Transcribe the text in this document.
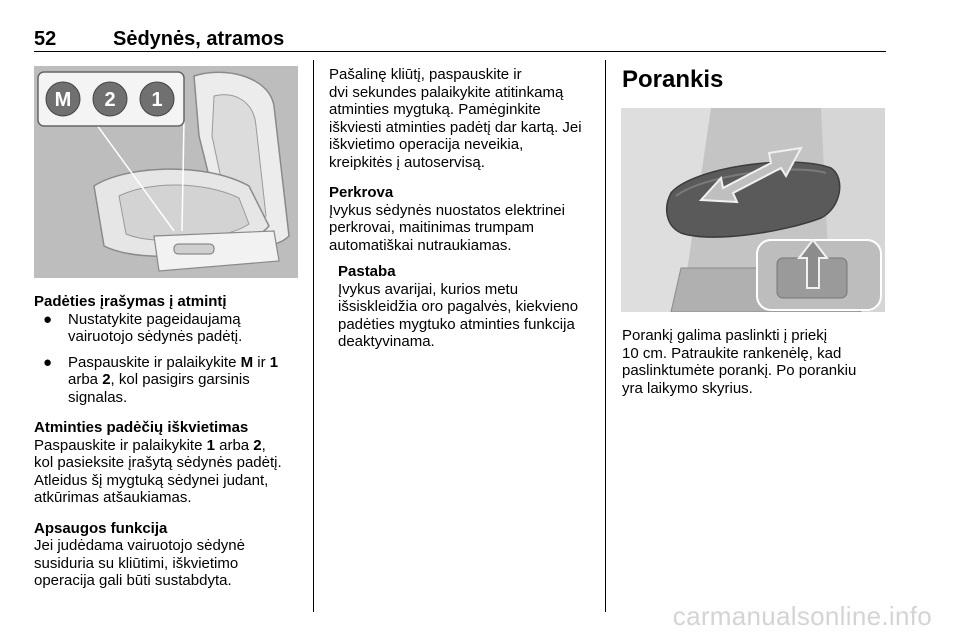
52	Sėdynės, atramos
M 2 1

Padėties įrašymas į atmintį

● Nustatykite pageidaujamą

vairuotojo sėdynės padėtį.

● Paspauskite ir palaikykite M ir 1

arba 2, kol pasigirs garsinis

signalas.

Atminties padėčių iškvietimas

Paspauskite ir palaikykite 1 arba 2,

kol pasieksite įrašytą sėdynės padėtį.

Atleidus šį mygtuką sėdynei judant,

atkūrimas atšaukiamas.

Apsaugos funkcija

Jei judėdama vairuotojo sėdynė

susiduria su kliūtimi, iškvietimo

operacija gali būti sustabdyta.

Pašalinę kliūtį, paspauskite ir

dvi sekundes palaikykite atitinkamą

atminties mygtuką. Pamėginkite

iškviesti atminties padėtį dar kartą. Jei

iškvietimo operacija neveikia,

kreipkitės į autoservisą.

Perkrova

Įvykus sėdynės nuostatos elektrinei

perkrovai, maitinimas trumpam

automatiškai nutraukiamas.

Pastaba

Įvykus avarijai, kurios metu

išsiskleidžia oro pagalvės, kiekvieno

padėties mygtuko atminties funkcija

deaktyvinama.

Porankis

Porankį galima paslinkti į priekį

10 cm. Patraukite rankenėlę, kad

paslinktumėte porankį. Po porankiu

yra laikymo skyrius.

carmanualsonline.info
